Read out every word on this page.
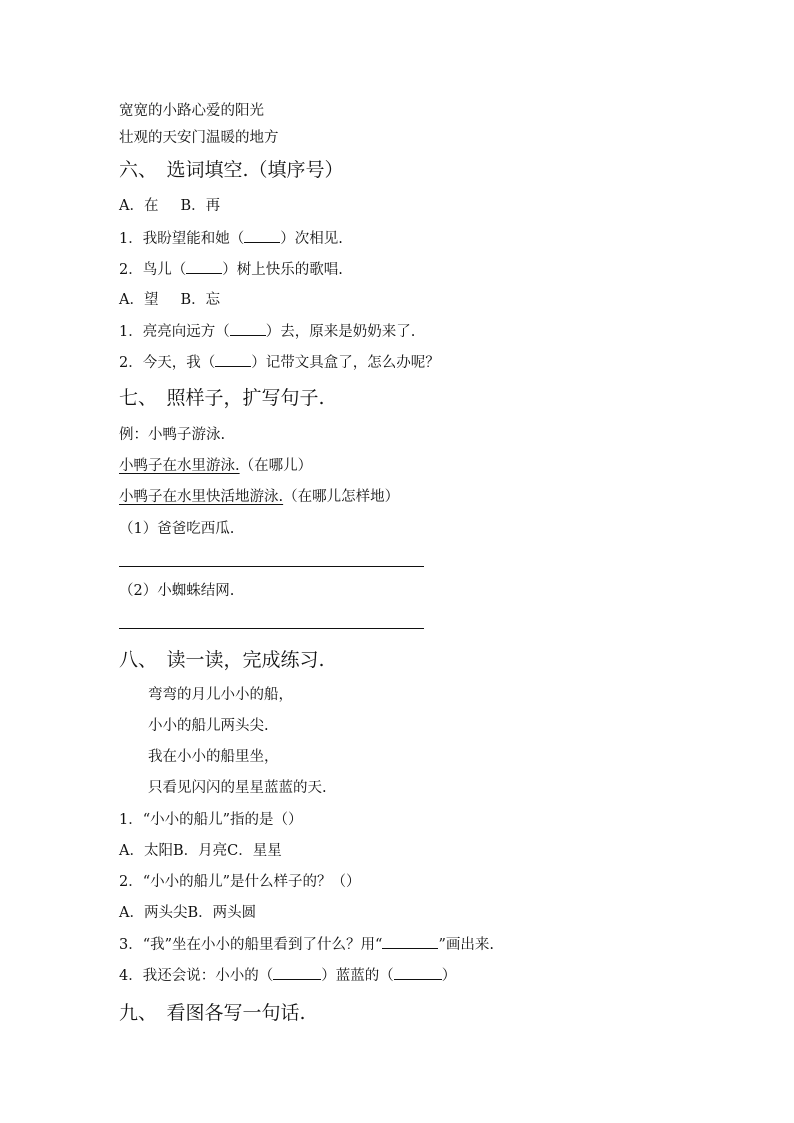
宽宽的小路心爱的阳光
壮观的天安门温暖的地方
六、　选词填空.（填序号）
A．在 B．再
1．我盼望能和她（ ）次相见.
2．鸟儿（ ）树上快乐的歌唱.
A．望 B．忘
1．亮亮向远方（ ）去，原来是奶奶来了.
2．今天，我（ ）记带文具盒了，怎么办呢？
七、　照样子，扩写句子.
例：小鸭子游泳.
小鸭子在水里游泳.（在哪儿）
小鸭子在水里快活地游泳.（在哪儿怎样地）
（1）爸爸吃西瓜.
（2）小蜘蛛结网.
八、　读一读，完成练习.
弯弯的月儿小小的船，
小小的船儿两头尖.
我在小小的船里坐，
只看见闪闪的星星蓝蓝的天.
1．“小小的船儿”指的是（）
A．太阳B．月亮C．星星
2．“小小的船儿”是什么样子的？（）
A．两头尖B．两头圆
3．“我”坐在小小的船里看到了什么？用“	”画出来.
4．我还会说：小小的（	）蓝蓝的（	）
九、　看图各写一句话.
